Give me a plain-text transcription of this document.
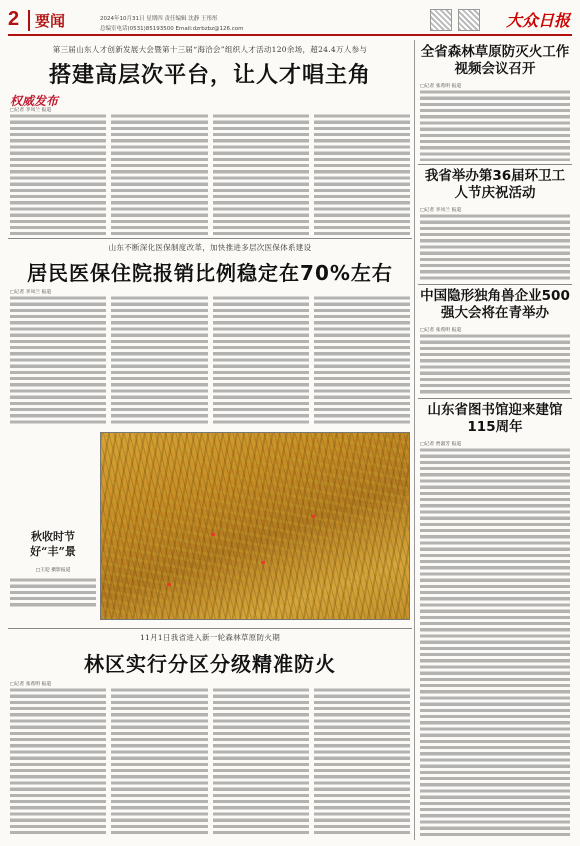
2	要闻	2024年10月31日 星期四 责任编辑 沈静 王彤彤
总编室电话(0531)85193500 Email:dzrbzbz@126.com	大众日报
第三届山东人才创新发展大会暨第十三届“海洽会”组织人才活动120余场，超24.4万人参与
搭建高层次平台，让人才唱主角
权威发布
□记者 李凤兰 报道
山东不断深化医保制度改革，加快推进多层次医保体系建设
居民医保住院报销比例稳定在70%左右
□记者 李凤兰 报道
秋收时节
好“丰”景
□王迎 摄影报道
11月1日我省进入新一轮森林草原防火期
林区实行分区分级精准防火
□记者 张希明 报道
全省森林草原防灭火工作视频会议召开
□记者 张希明 报道
我省举办第36届环卫工人节庆祝活动
□记者 李凤兰 报道
中国隐形独角兽企业500强大会将在青举办
□记者 张希明 报道
山东省图书馆迎来建馆115周年
□记者 贾淑芳 报道
